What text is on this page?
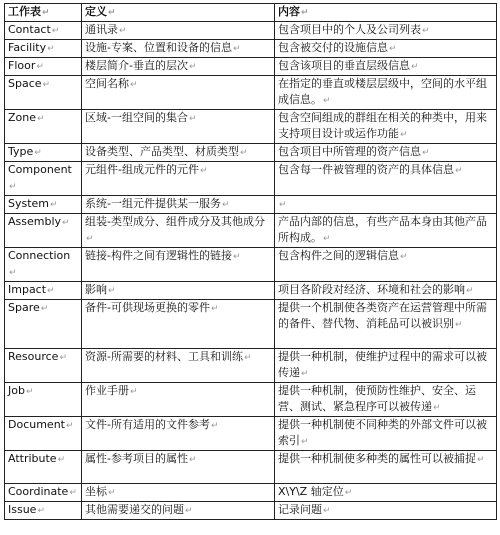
工作表↵	定义↵	内容↵
Contact↵	通讯录↵	包含项目中的个人及公司列表↵
Facility↵	设施-专案、位置和设备的信息↵	包含被交付的设施信息↵
Floor↵	楼层简介-垂直的层次↵	包含该项目的垂直层级信息↵
Space↵	空间名称↵	在指定的垂直或楼层层级中，空间的水平组成信息。↵
Zone↵	区域-一组空间的集合↵	包含空间组成的群组在相关的种类中，用来支持项目设计或运作功能↵
Type↵	设备类型、产品类型、材质类型↵	包含项目中所管理的资产信息↵
Component↵	元组件-组成元件的元件↵	包含每一件被管理的资产的具体信息↵
System↵	系统-一组元件提供某一服务↵	↵
Assembly↵	组装-类型成分、组件成分及其他成分↵	产品内部的信息，有些产品本身由其他产品所构成。↵
Connection↵	链接-构件之间有逻辑性的链接↵	包含构件之间的逻辑信息↵
Impact↵	影响↵	项目各阶段对经济、环境和社会的影响↵
Spare↵	备件-可供现场更换的零件↵	提供一个机制使各类资产在运营管理中所需的备件、替代物、消耗品可以被识别↵
Resource↵	资源-所需要的材料、工具和训练↵	提供一种机制，使维护过程中的需求可以被传递↵
Job↵	作业手册↵	提供一种机制，使预防性维护、安全、运营、测试、紧急程序可以被传递↵
Document↵	文件-所有适用的文件参考↵	提供一种机制使不同种类的外部文件可以被索引↵
Attribute↵	属性-参考项目的属性↵	提供一种机制使多种类的属性可以被捕捉↵
Coordinate↵	坐标↵	X\Y\Z 轴定位↵
Issue↵	其他需要递交的问题↵	记录问题↵
